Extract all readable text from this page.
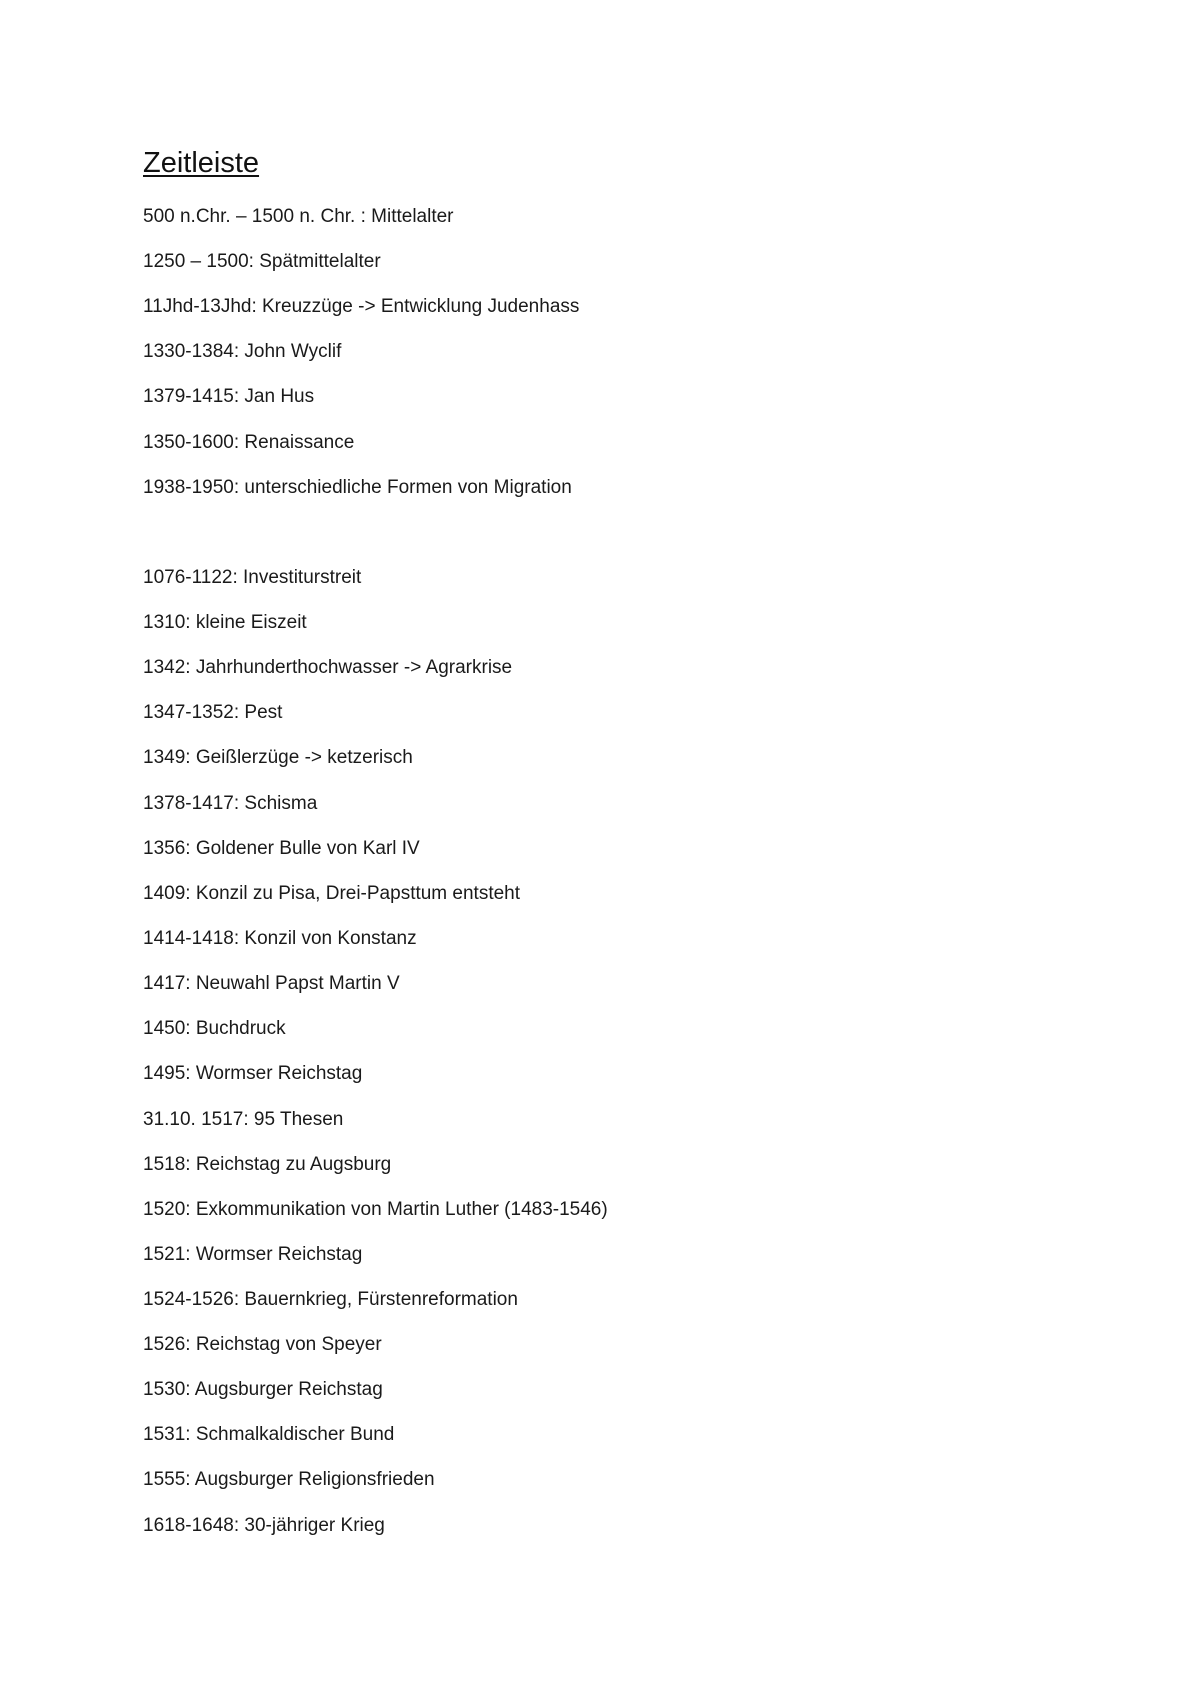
Zeitleiste
500 n.Chr. – 1500 n. Chr. : Mittelalter
1250 – 1500: Spätmittelalter
11Jhd-13Jhd: Kreuzzüge -> Entwicklung Judenhass
1330-1384: John Wyclif
1379-1415: Jan Hus
1350-1600: Renaissance
1938-1950: unterschiedliche Formen von Migration
1076-1122: Investiturstreit
1310: kleine Eiszeit
1342: Jahrhunderthochwasser -> Agrarkrise
1347-1352: Pest
1349: Geißlerzüge -> ketzerisch
1378-1417: Schisma
1356: Goldener Bulle von Karl IV
1409: Konzil zu Pisa, Drei-Papsttum entsteht
1414-1418: Konzil von Konstanz
1417: Neuwahl Papst Martin V
1450: Buchdruck
1495: Wormser Reichstag
31.10. 1517: 95 Thesen
1518: Reichstag zu Augsburg
1520: Exkommunikation von Martin Luther (1483-1546)
1521: Wormser Reichstag
1524-1526: Bauernkrieg, Fürstenreformation
1526: Reichstag von Speyer
1530: Augsburger Reichstag
1531: Schmalkaldischer Bund
1555: Augsburger Religionsfrieden
1618-1648: 30-jähriger Krieg
